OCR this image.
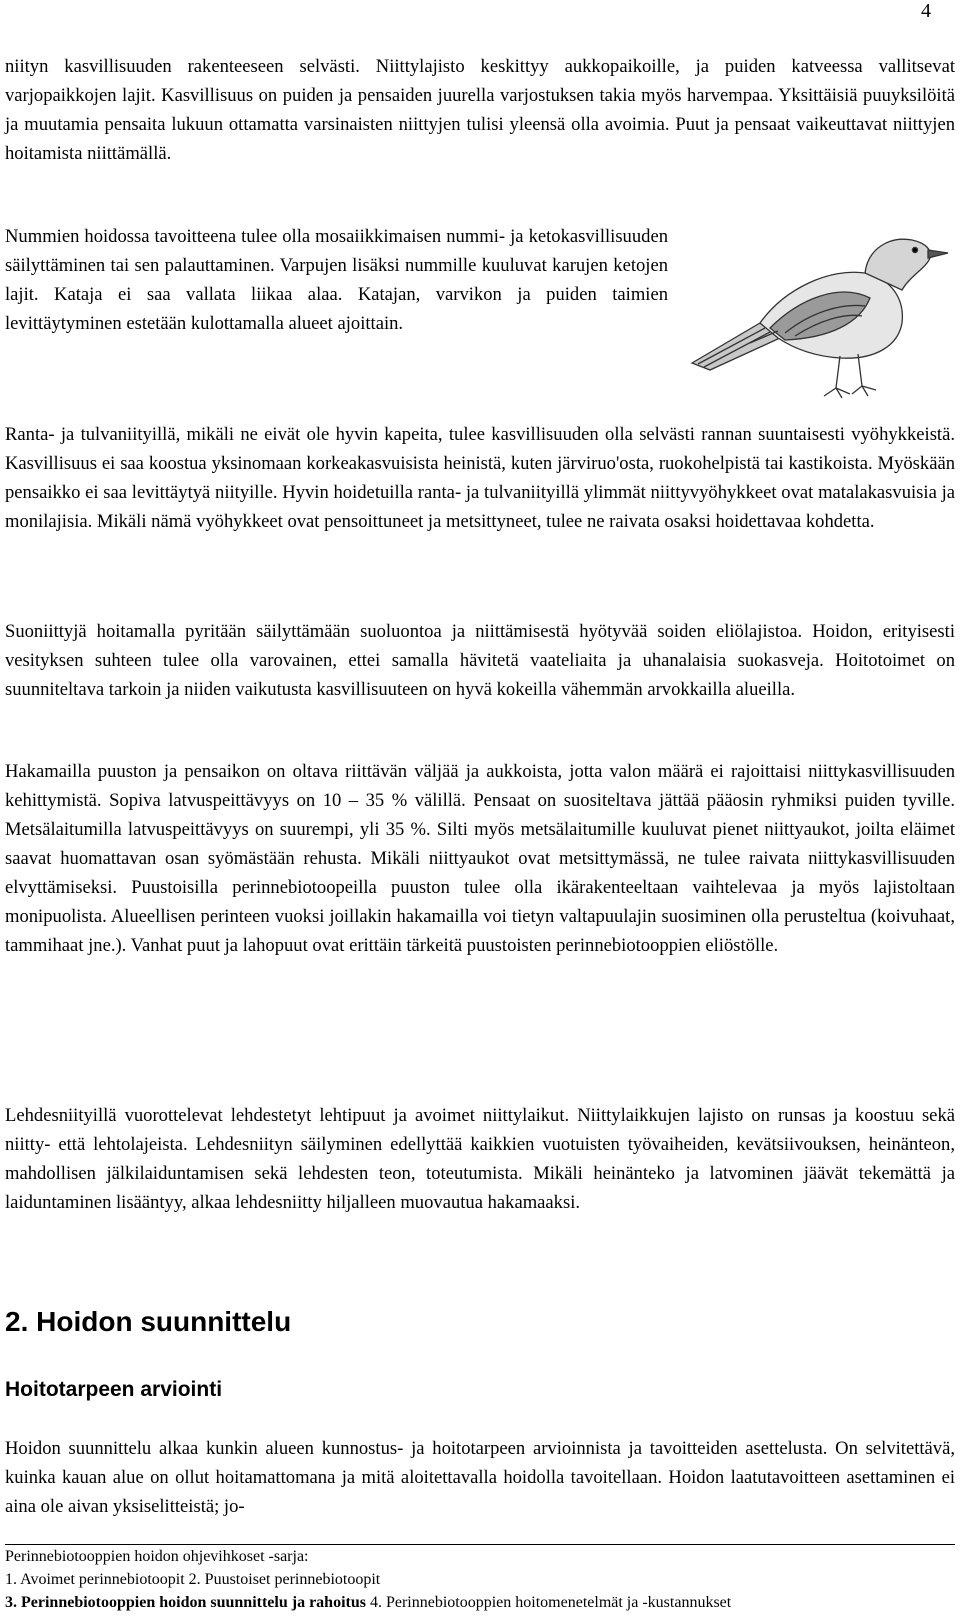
4

niityn kasvillisuuden rakenteeseen selvästi. Niittylajisto keskittyy aukkopaikoille, ja puiden katveessa vallitsevat varjopaikkojen lajit. Kasvillisuus on puiden ja pensaiden juurella varjostuksen takia myös harvempaa. Yksittäisiä puuyksilöitä ja muutamia pensaita lukuun ottamatta varsinaisten niittyjen tulisi yleensä olla avoimia. Puut ja pensaat vaikeuttavat niittyjen hoitamista niittämällä.

Nummien hoidossa tavoitteena tulee olla mosaiikkimaisen nummi- ja ketokasvillisuuden säilyttäminen tai sen palauttaminen. Varpujen lisäksi nummille kuuluvat karujen ketojen lajit. Kataja ei saa vallata liikaa alaa. Katajan, varvikon ja puiden taimien levittäytyminen estetään kulottamalla alueet ajoittain.

Ranta- ja tulvaniityillä, mikäli ne eivät ole hyvin kapeita, tulee kasvillisuuden olla selvästi rannan suuntaisesti vyöhykkeistä. Kasvillisuus ei saa koostua yksinomaan korkeakasvuisista heinistä, kuten järviruo'osta, ruokohelpistä tai kastikoista. Myöskään pensaikko ei saa levittäytyä niityille. Hyvin hoidetuilla ranta- ja tulvaniityillä ylimmät niittyvyöhykkeet ovat matalakasvuisia ja monilajisia. Mikäli nämä vyöhykkeet ovat pensoittuneet ja metsittyneet, tulee ne raivata osaksi hoidettavaa kohdetta.

Suoniittyjä hoitamalla pyritään säilyttämään suoluontoa ja niittämisestä hyötyvää soiden eliölajistoa. Hoidon, erityisesti vesityksen suhteen tulee olla varovainen, ettei samalla hävitetä vaateliaita ja uhanalaisia suokasveja. Hoitotoimet on suunniteltava tarkoin ja niiden vaikutusta kasvillisuuteen on hyvä kokeilla vähemmän arvokkailla alueilla.

Hakamailla puuston ja pensaikon on oltava riittävän väljää ja aukkoista, jotta valon määrä ei rajoittaisi niittykasvillisuuden kehittymistä. Sopiva latvuspeittävyys on 10 – 35 % välillä. Pensaat on suositeltava jättää pääosin ryhmiksi puiden tyville. Metsälaitumilla latvuspeittävyys on suurempi, yli 35 %. Silti myös metsälaitumille kuuluvat pienet niittyaukot, joilta eläimet saavat huomattavan osan syömästään rehusta. Mikäli niittyaukot ovat metsittymässä, ne tulee raivata niittykasvillisuuden elvyttämiseksi. Puustoisilla perinnebiotoopeilla puuston tulee olla ikärakenteeltaan vaihtelevaa ja myös lajistoltaan monipuolista. Alueellisen perinteen vuoksi joillakin hakamailla voi tietyn valtapuulajin suosiminen olla perusteltua (koivuhaat, tammihaat jne.). Vanhat puut ja lahopuut ovat erittäin tärkeitä puustoisten perinnebiotooppien eliöstölle.

Lehdesniityillä vuorottelevat lehdestetyt lehtipuut ja avoimet niittylaikut. Niittylaikkujen lajisto on runsas ja koostuu sekä niitty- että lehtolajeista. Lehdesniityn säilyminen edellyttää kaikkien vuotuisten työvaiheiden, kevätsiivouksen, heinänteon, mahdollisen jälkilaiduntamisen sekä lehdesten teon, toteutumista. Mikäli heinänteko ja latvominen jäävät tekemättä ja laiduntaminen lisääntyy, alkaa lehdesniitty hiljalleen muovautua hakamaaksi.

2. Hoidon suunnittelu
Hoitotarpeen arviointi

Hoidon suunnittelu alkaa kunkin alueen kunnostus- ja hoitotarpeen arvioinnista ja tavoitteiden asettelusta. On selvitettävä, kuinka kauan alue on ollut hoitamattomana ja mitä aloitettavalla hoidolla tavoitellaan. Hoidon laatutavoitteen asettaminen ei aina ole aivan yksiselitteistä; jo-

Perinnebiotooppien hoidon ohjevihkoset -sarja:
1. Avoimet perinnebiotoopit 2. Puustoiset perinnebiotoopit
3. Perinnebiotooppien hoidon suunnittelu ja rahoitus 4. Perinnebiotooppien hoitomenetelmät ja -kustannukset
